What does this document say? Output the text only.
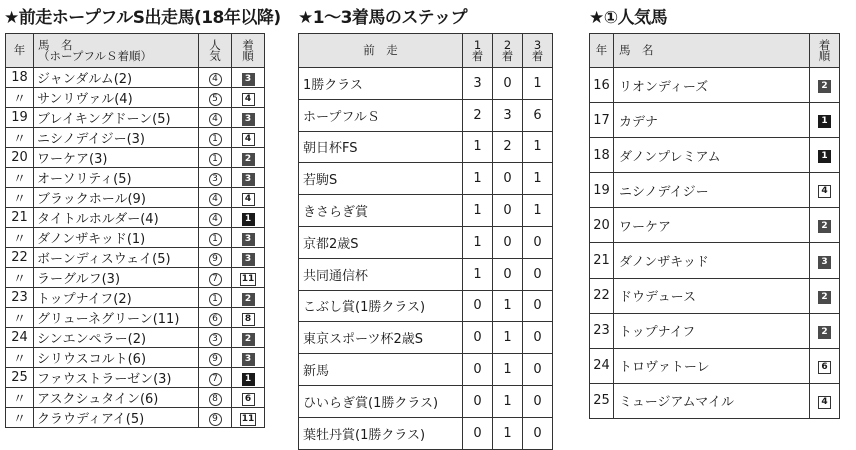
★前走ホープフルS出走馬(18年以降)
年	馬　名
（ホープフルＳ着順）	人
気	着
順
18	ジャンダルム(2)	4	3
〃	サンリヴァル(4)	5	4
19	ブレイキングドーン(5)	4	3
〃	ニシノデイジー(3)	1	4
20	ワーケア(3)	1	2
〃	オーソリティ(5)	3	3
〃	ブラックホール(9)	4	4
21	タイトルホルダー(4)	4	1
〃	ダノンザキッド(1)	1	3
22	ボーンディスウェイ(5)	9	3
〃	ラーグルフ(3)	7	11
23	トップナイフ(2)	1	2
〃	グリューネグリーン(11)	6	8
24	シンエンペラー(2)	3	2
〃	シリウスコルト(6)	9	3
25	ファウストラーゼン(3)	7	1
〃	アスクシュタイン(6)	8	6
〃	クラウディアイ(5)	9	11
★1～3着馬のステップ
前　走	1
着	2
着	3
着
1勝クラス	3	0	1
ホープフルＳ	2	3	6
朝日杯FS	1	2	1
若駒S	1	0	1
きさらぎ賞	1	0	1
京都2歳S	1	0	0
共同通信杯	1	0	0
こぶし賞(1勝クラス)	0	1	0
東京スポーツ杯2歳S	0	1	0
新馬	0	1	0
ひいらぎ賞(1勝クラス)	0	1	0
葉牡丹賞(1勝クラス)	0	1	0
★①人気馬
年	馬　名	着
順
16	リオンディーズ	2
17	カデナ	1
18	ダノンプレミアム	1
19	ニシノデイジー	4
20	ワーケア	2
21	ダノンザキッド	3
22	ドウデュース	2
23	トップナイフ	2
24	トロヴァトーレ	6
25	ミュージアムマイル	4
